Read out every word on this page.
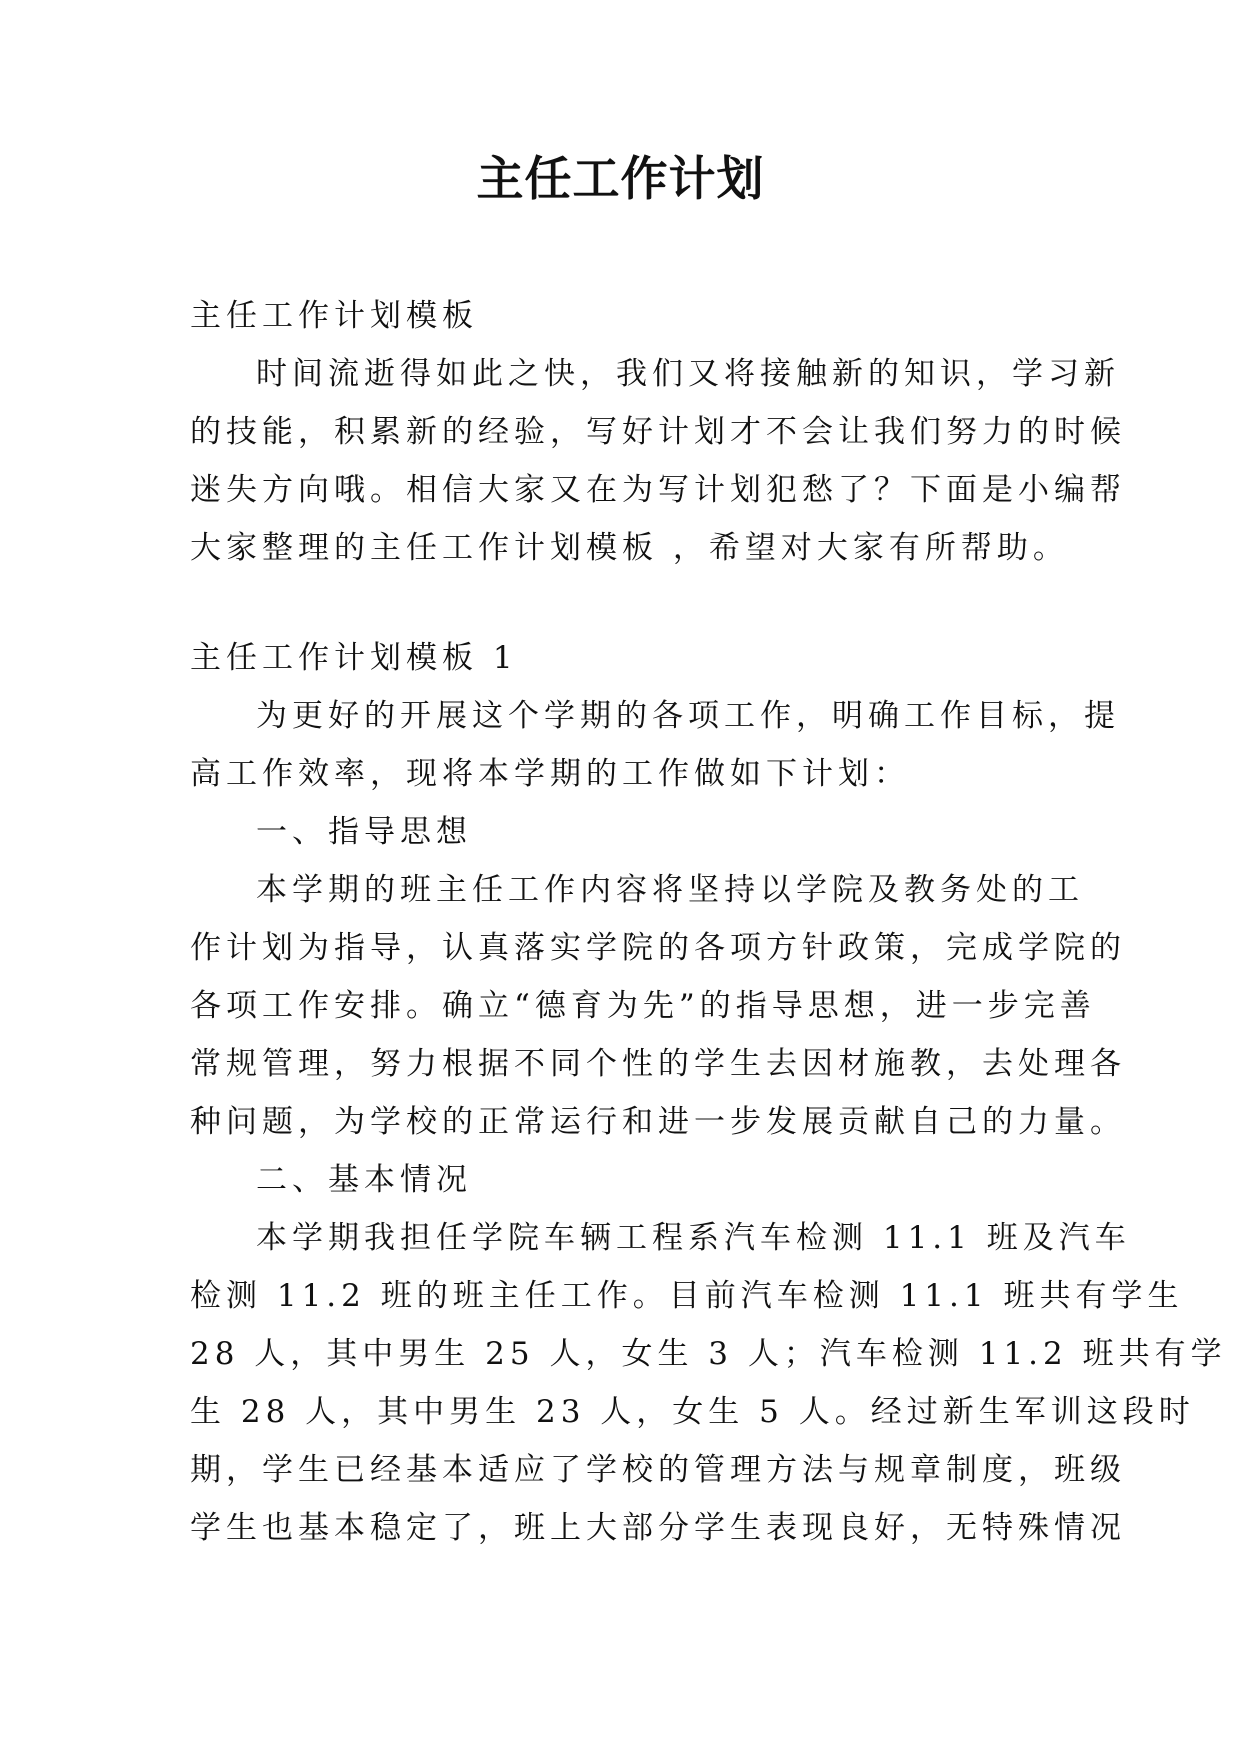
主任工作计划

主任工作计划模板

时间流逝得如此之快，我们又将接触新的知识，学习新

的技能，积累新的经验，写好计划才不会让我们努力的时候

迷失方向哦。相信大家又在为写计划犯愁了？下面是小编帮

大家整理的主任工作计划模板 ，希望对大家有所帮助。

主任工作计划模板 1

为更好的开展这个学期的各项工作，明确工作目标，提

高工作效率，现将本学期的工作做如下计划：

一、指导思想

本学期的班主任工作内容将坚持以学院及教务处的工

作计划为指导，认真落实学院的各项方针政策，完成学院的

各项工作安排。确立“德育为先”的指导思想，进一步完善

常规管理，努力根据不同个性的学生去因材施教，去处理各

种问题，为学校的正常运行和进一步发展贡献自己的力量。

二、基本情况

本学期我担任学院车辆工程系汽车检测 11.1 班及汽车

检测 11.2 班的班主任工作。目前汽车检测 11.1 班共有学生

28 人，其中男生 25 人，女生 3 人；汽车检测 11.2 班共有学

生 28 人，其中男生 23 人，女生 5 人。经过新生军训这段时

期，学生已经基本适应了学校的管理方法与规章制度，班级

学生也基本稳定了，班上大部分学生表现良好，无特殊情况
